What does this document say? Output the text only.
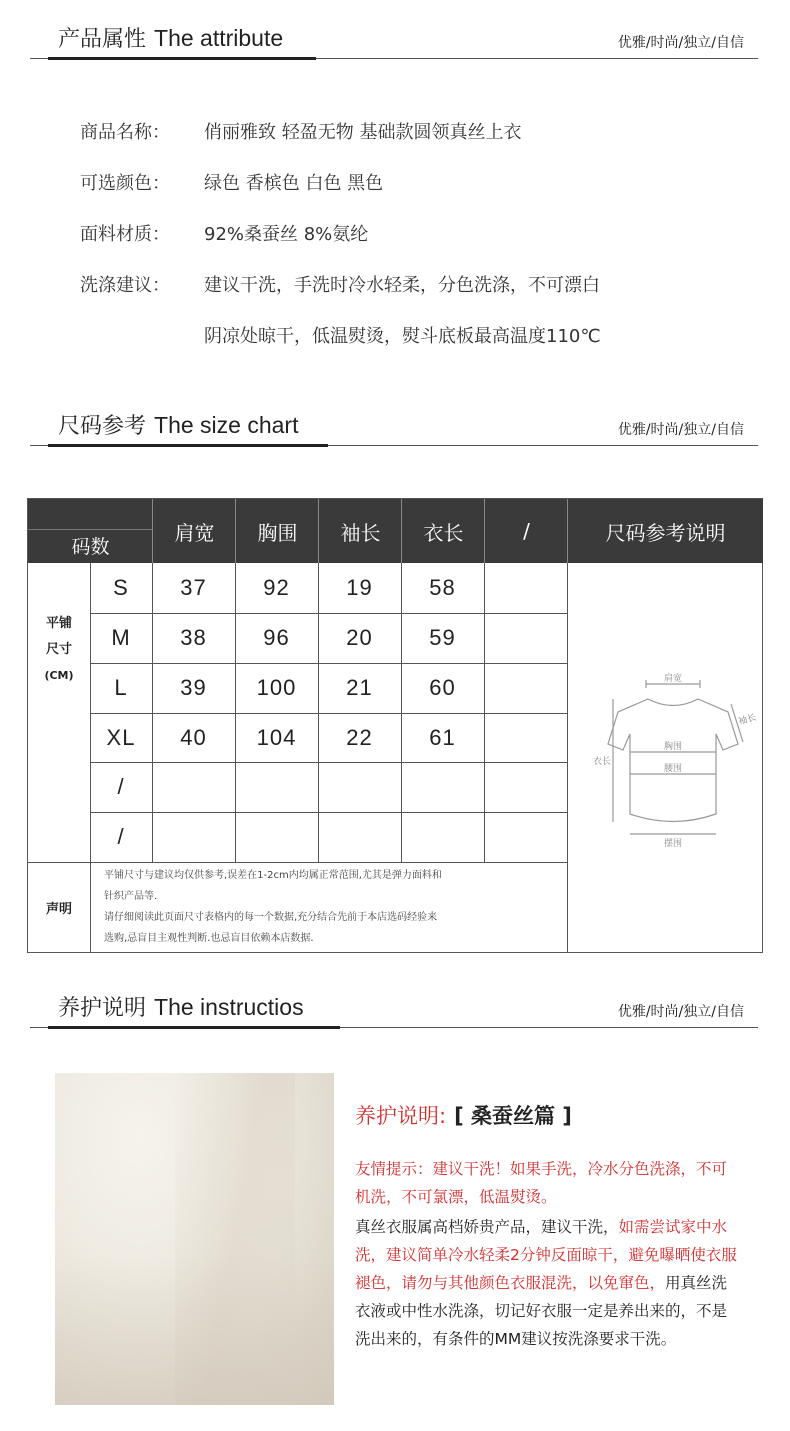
产品属性 The attribute	优雅/时尚/独立/自信
商品名称：	俏丽雅致 轻盈无物 基础款圆领真丝上衣
可选颜色：	绿色 香槟色 白色 黑色
面料材质：	92%桑蚕丝 8%氨纶
洗涤建议：	建议干洗，手洗时冷水轻柔，分色洗涤，不可漂白
阴凉处晾干，低温熨烫，熨斗底板最高温度110℃
尺码参考 The size chart	优雅/时尚/独立/自信
码数
肩宽	胸围	袖长	衣长	/	尺码参考说明
平铺
尺寸
(CM)
S	37	92	19	58
M	38	96	20	59
L	39	100	21	60
XL	40	104	22	61
/
/
肩宽
袖长
胸围
腰围
衣长
摆围
声明
平铺尺寸与建议均仅供参考,误差在1-2cm内均属正常范围,尤其是弹力面料和
针织产品等.
请仔细阅读此页面尺寸表格内的每一个数据,充分结合先前于本店选码经验来
选购,忌盲目主观性判断.也忌盲目依赖本店数据.
养护说明 The instructios	优雅/时尚/独立/自信
养护说明: [ 桑蚕丝篇 ]
友情提示：建议干洗！如果手洗，冷水分色洗涤，不可机洗，不可氯漂，低温熨烫。
真丝衣服属高档娇贵产品，建议干洗，如需尝试家中水洗，建议简单冷水轻柔2分钟反面晾干，避免曝晒使衣服褪色，请勿与其他颜色衣服混洗，以免窜色，用真丝洗衣液或中性水洗涤，切记好衣服一定是养出来的，不是洗出来的，有条件的MM建议按洗涤要求干洗。
